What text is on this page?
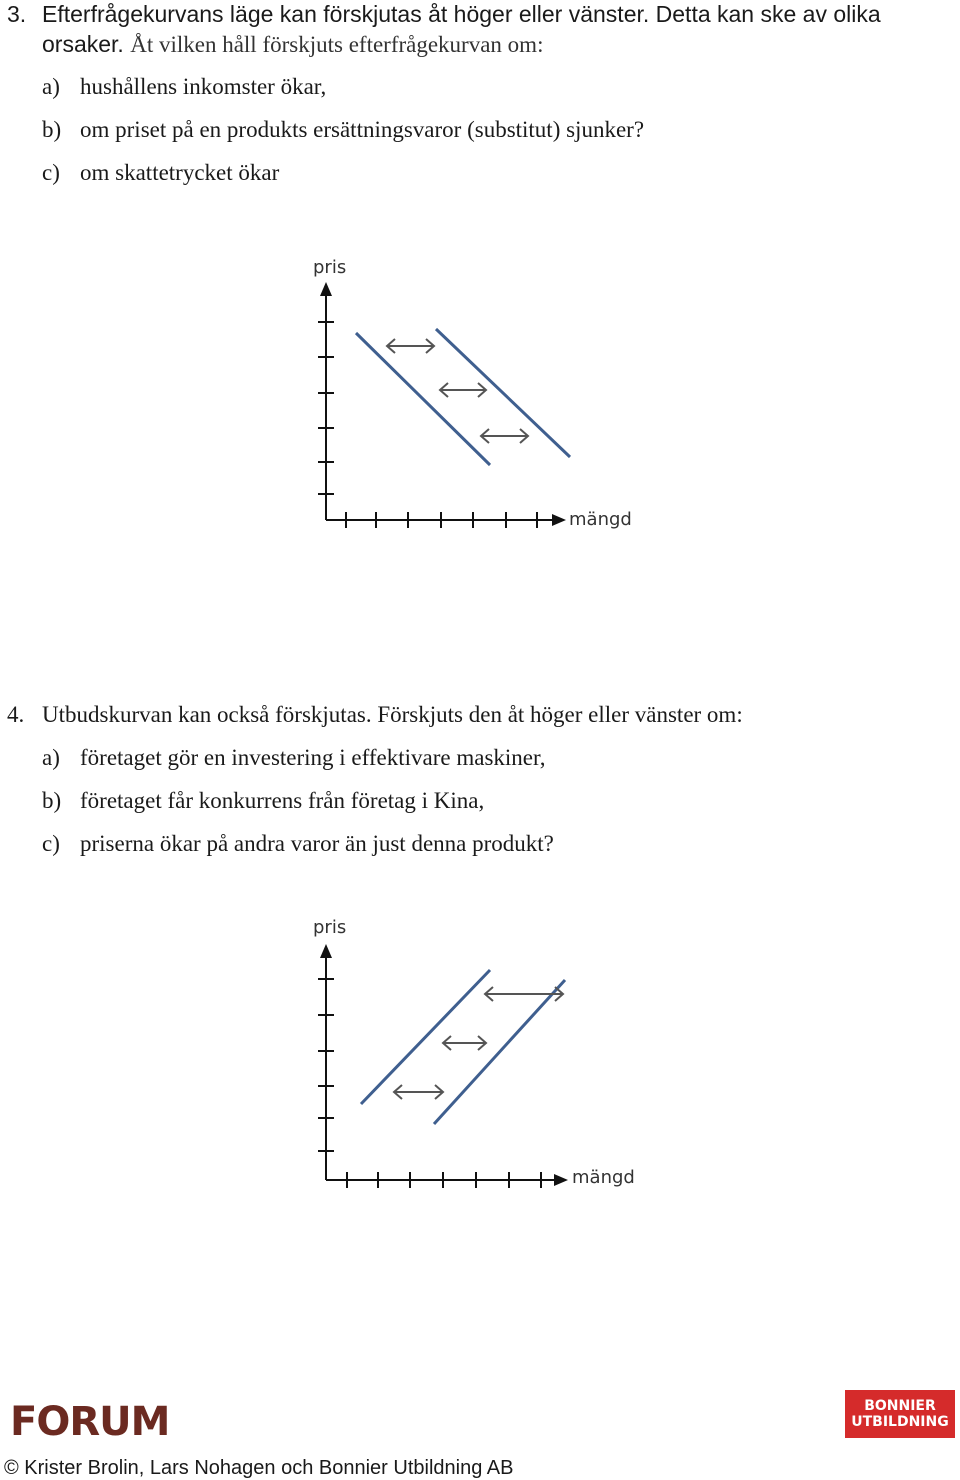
3. Efterfrågekurvans läge kan förskjutas åt höger eller vänster. Detta kan ske av olika
orsaker. Åt vilken håll förskjuts efterfrågekurvan om:
a) hushållens inkomster ökar,
b) om priset på en produkts ersättningsvaror (substitut) sjunker?
c) om skattetrycket ökar
pris
mängd
4. Utbudskurvan kan också förskjutas. Förskjuts den åt höger eller vänster om:
a) företaget gör en investering i effektivare maskiner,
b) företaget får konkurrens från företag i Kina,
c) priserna ökar på andra varor än just denna produkt?
pris
mängd
FORUM	BONNIER
UTBILDNING
© Krister Brolin, Lars Nohagen och Bonnier Utbildning AB
